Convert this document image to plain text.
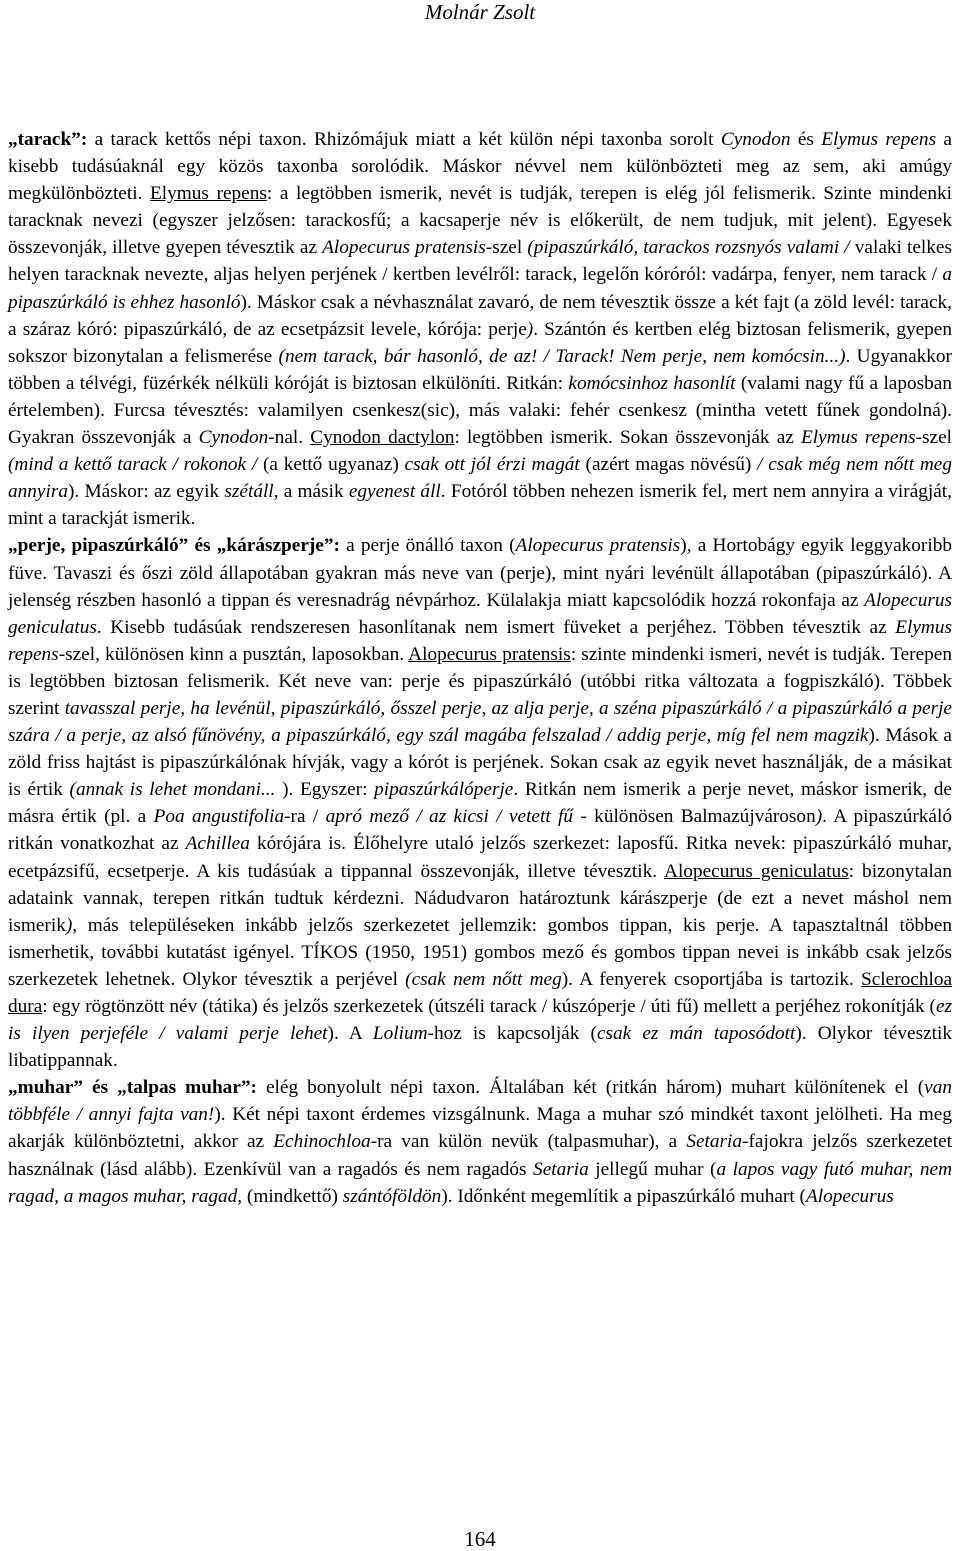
Molnár Zsolt

„tarack”: a tarack kettős népi taxon. Rhizómájuk miatt a két külön népi taxonba sorolt Cynodon és Elymus repens a kisebb tudásúaknál egy közös taxonba sorolódik. Máskor névvel nem különbözteti meg az sem, aki amúgy megkülönbözteti. Elymus repens: a legtöbben ismerik, nevét is tudják, terepen is elég jól felismerik. Szinte mindenki taracknak nevezi (egyszer jelzősen: tarackosfű; a kacsaperje név is előkerült, de nem tudjuk, mit jelent). Egyesek összevonják, illetve gyepen tévesztik az Alopecurus pratensis-szel (pipaszúrkáló, tarackos rozsnyós valami / valaki telkes helyen taracknak nevezte, aljas helyen perjének / kertben levélről: tarack, legelőn kóróról: vadárpa, fenyer, nem tarack / a pipaszúrkáló is ehhez hasonló). Máskor csak a névhasználat zavaró, de nem tévesztik össze a két fajt (a zöld levél: tarack, a száraz kóró: pipaszúrkáló, de az ecsetpázsit levele, kórója: perje). Szántón és kertben elég biztosan felismerik, gyepen sokszor bizonytalan a felismerése (nem tarack, bár hasonló, de az! / Tarack! Nem perje, nem komócsin...). Ugyanakkor többen a télvégi, füzérkék nélküli kóróját is biztosan elkülöníti. Ritkán: komócsinhoz hasonlít (valami nagy fű a laposban értelemben). Furcsa tévesztés: valamilyen csenkesz(sic), más valaki: fehér csenkesz (mintha vetett fűnek gondolná). Gyakran összevonják a Cynodon-nal. Cynodon dactylon: legtöbben ismerik. Sokan összevonják az Elymus repens-szel (mind a kettő tarack / rokonok / (a kettő ugyanaz) csak ott jól érzi magát (azért magas növésű) / csak még nem nőtt meg annyira). Máskor: az egyik szétáll, a másik egyenest áll. Fotóról többen nehezen ismerik fel, mert nem annyira a virágját, mint a tarackját ismerik.

„perje, pipaszúrkáló” és „kárászperje”: a perje önálló taxon (Alopecurus pratensis), a Hortobágy egyik leggyakoribb füve. Tavaszi és őszi zöld állapotában gyakran más neve van (perje), mint nyári levénült állapotában (pipaszúrkáló). A jelenség részben hasonló a tippan és veresnadrág névpárhoz. Külalakja miatt kapcsolódik hozzá rokonfaja az Alopecurus geniculatus. Kisebb tudásúak rendszeresen hasonlítanak nem ismert füveket a perjéhez. Többen tévesztik az Elymus repens-szel, különösen kinn a pusztán, laposokban. Alopecurus pratensis: szinte mindenki ismeri, nevét is tudják. Terepen is legtöbben biztosan felismerik. Két neve van: perje és pipaszúrkáló (utóbbi ritka változata a fogpiszkáló). Többek szerint tavasszal perje, ha levénül, pipaszúrkáló, ősszel perje, az alja perje, a széna pipaszúrkáló / a pipaszúrkáló a perje szára / a perje, az alsó fűnövény, a pipaszúrkáló, egy szál magába felszalad / addig perje, míg fel nem magzik). Mások a zöld friss hajtást is pipaszúrkálónak hívják, vagy a kórót is perjének. Sokan csak az egyik nevet használják, de a másikat is értik (annak is lehet mondani... ). Egyszer: pipaszúrkálóperje. Ritkán nem ismerik a perje nevet, máskor ismerik, de másra értik (pl. a Poa angustifolia-ra / apró mező / az kicsi / vetett fű - különösen Balmazújvároson). A pipaszúrkáló ritkán vonatkozhat az Achillea kórójára is. Élőhelyre utaló jelzős szerkezet: laposfű. Ritka nevek: pipaszúrkáló muhar, ecetpázsifű, ecsetperje. A kis tudásúak a tippannal összevonják, illetve tévesztik. Alopecurus geniculatus: bizonytalan adataink vannak, terepen ritkán tudtuk kérdezni. Nádudvaron határoztunk kárászperje (de ezt a nevet máshol nem ismerik), más településeken inkább jelzős szerkezetet jellemzik: gombos tippan, kis perje. A tapasztaltnál többen ismerhetik, további kutatást igényel. TÍKOS (1950, 1951) gombos mező és gombos tippan nevei is inkább csak jelzős szerkezetek lehetnek. Olykor tévesztik a perjével (csak nem nőtt meg). A fenyerek csoportjába is tartozik. Sclerochloa dura: egy rögtönzött név (tátika) és jelzős szerkezetek (útszéli tarack / kúszóperje / úti fű) mellett a perjéhez rokonítják (ez is ilyen perjeféle / valami perje lehet). A Lolium-hoz is kapcsolják (csak ez mán taposódott). Olykor tévesztik libatippannak.

„muhar” és „talpas muhar”: elég bonyolult népi taxon. Általában két (ritkán három) muhart különítenek el (van többféle / annyi fajta van!). Két népi taxont érdemes vizsgálnunk. Maga a muhar szó mindkét taxont jelölheti. Ha meg akarják különböztetni, akkor az Echinochloa-ra van külön nevük (talpasmuhar), a Setaria-fajokra jelzős szerkezetet használnak (lásd alább). Ezenkívül van a ragadós és nem ragadós Setaria jellegű muhar (a lapos vagy futó muhar, nem ragad, a magos muhar, ragad, (mindkettő) szántóföldön). Időnként megemlítik a pipaszúrkáló muhart (Alopecurus

164
